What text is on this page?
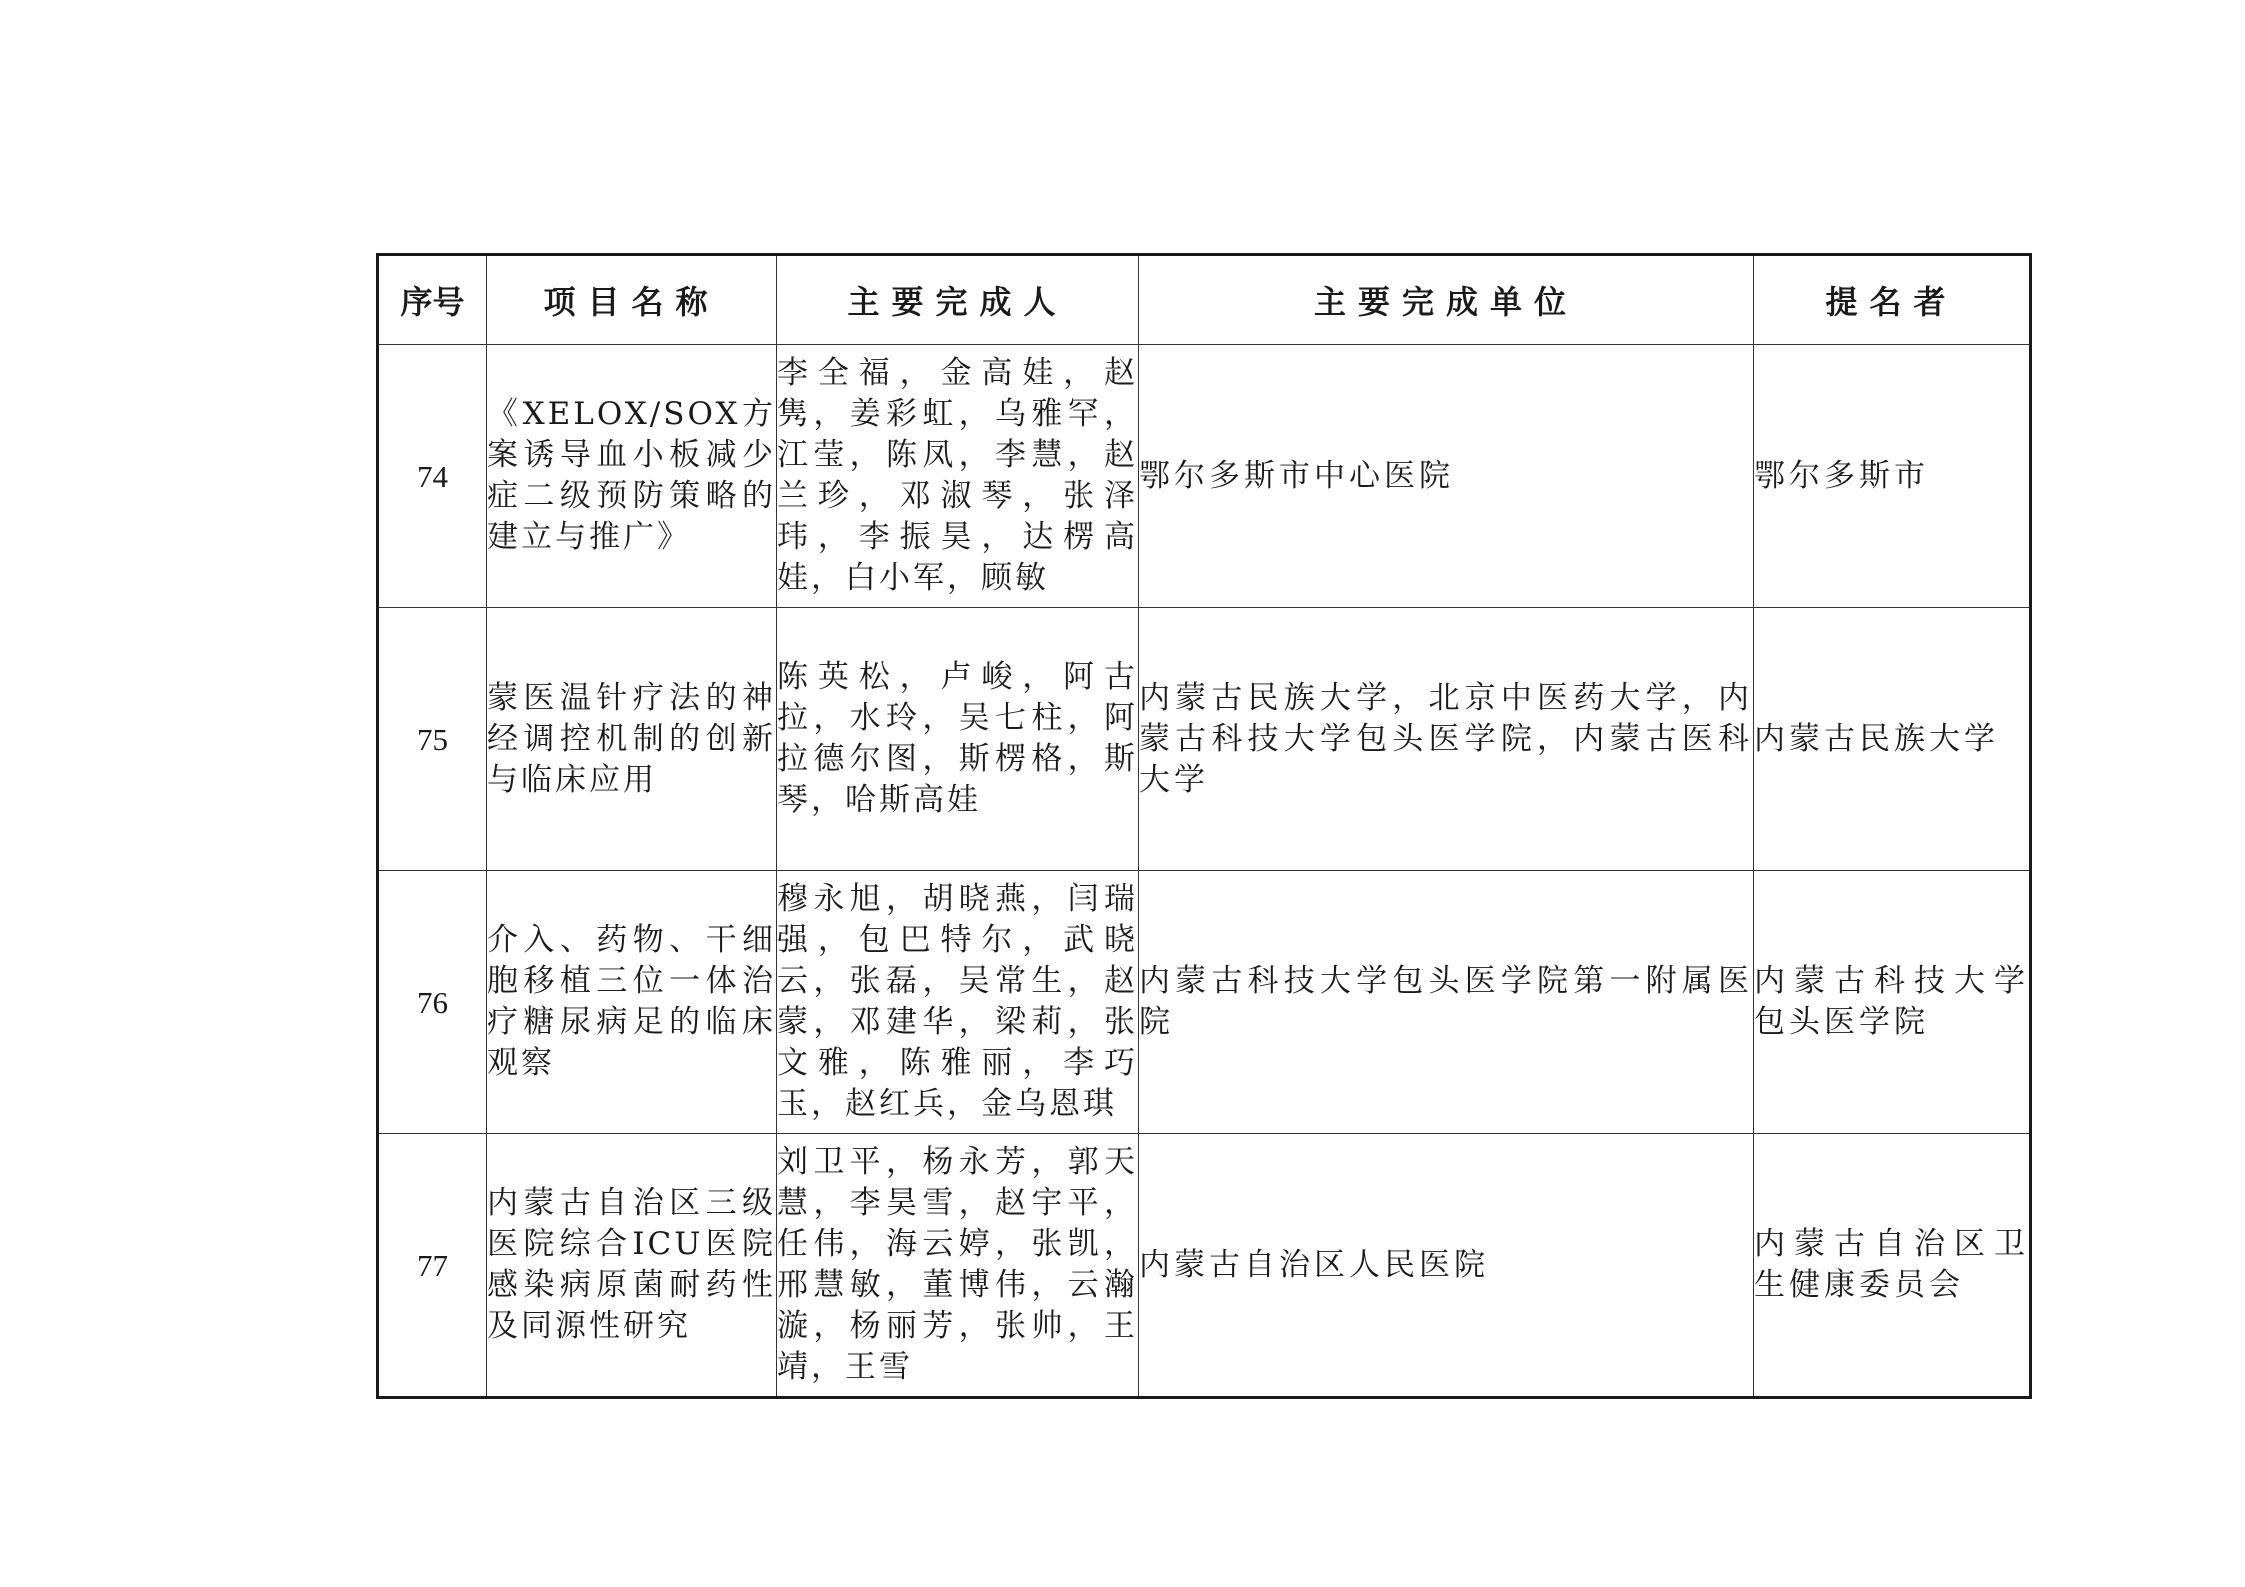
序号	项目名称	主要完成人	主要完成单位	提名者
74	《XELOX/SOX方案诱导血小板减少症二级预防策略的建立与推广》	李全福，金高娃，赵隽，姜彩虹，乌雅罕，江莹，陈凤，李慧，赵兰珍，邓淑琴，张泽玮，李振昊，达楞高娃，白小军，顾敏	鄂尔多斯市中心医院	鄂尔多斯市
75	蒙医温针疗法的神经调控机制的创新与临床应用	陈英松，卢峻，阿古拉，水玲，吴七柱，阿拉德尔图，斯楞格，斯琴，哈斯高娃	内蒙古民族大学，北京中医药大学，内蒙古科技大学包头医学院，内蒙古医科大学	内蒙古民族大学
76	介入、药物、干细胞移植三位一体治疗糖尿病足的临床观察	穆永旭，胡晓燕，闫瑞强，包巴特尔，武晓云，张磊，吴常生，赵蒙，邓建华，梁莉，张文雅，陈雅丽，李巧玉，赵红兵，金乌恩琪	内蒙古科技大学包头医学院第一附属医院	内蒙古科技大学包头医学院
77	内蒙古自治区三级医院综合ICU医院感染病原菌耐药性及同源性研究	刘卫平，杨永芳，郭天慧，李昊雪，赵宇平，任伟，海云婷，张凯，邢慧敏，董博伟，云瀚漩，杨丽芳，张帅，王靖，王雪	内蒙古自治区人民医院	内蒙古自治区卫生健康委员会
